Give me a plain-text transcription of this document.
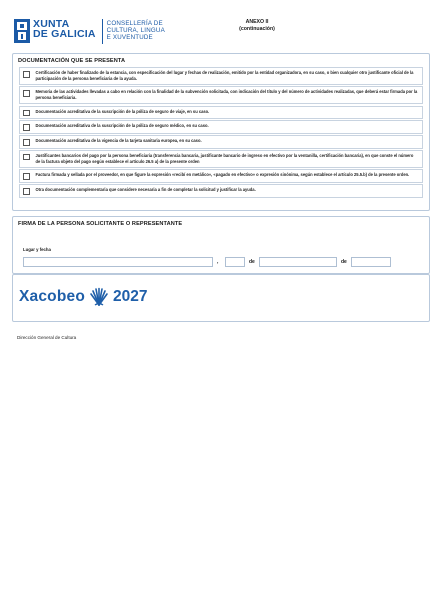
XUNTA
DE GALICIA
CONSELLERÍA DE
CULTURA, LINGUA
E XUVENTUDE
ANEXO II
(continuación)
DOCUMENTACIÓN QUE SE PRESENTA
Certificación de haber finalizado de la estancia, con especificación del lugar y fechas de realización, emitido por la entidad organizadora, en su caso, o bien cualquier otro justificante oficial de la participación de la persona beneficiaria de la ayuda.
Memoria de las actividades llevadas a cabo en relación con la finalidad de la subvención solicitada, con indicación del título y del número de actividades realizadas, que deberá estar firmada por la persona beneficiaria.
Documentación acreditativa de la suscripción de la póliza de seguro de viaje, en su caso.
Documentación acreditativa de la suscripción de la póliza de seguro médico, en su caso.
Documentación acreditativa de la vigencia de la tarjeta sanitaria europea, en su caso.
Justificantes bancarios del pago por la persona beneficiaria (transferencia bancaria, justificante bancario de ingreso en efectivo por la ventanilla, certificación bancaria), en que conste el número de la factura objeto del pago según establece el artículo 26.5 a) de la presente orden
Factura firmada y sellada por el proveedor, en que figure la expresión «recibí en metálico», «pagado en efectivo» o expresión sinónima, según establece el artículo 25.5.b) de la presente orden.
Otra documentación complementaria que considere necesaria a fin de completar la solicitud y justificar la ayuda.
FIRMA DE LA PERSONA SOLICITANTE O REPRESENTANTE
Lugar y fecha
,	de	de
Xacobeo 2027
Dirección General de Cultura
